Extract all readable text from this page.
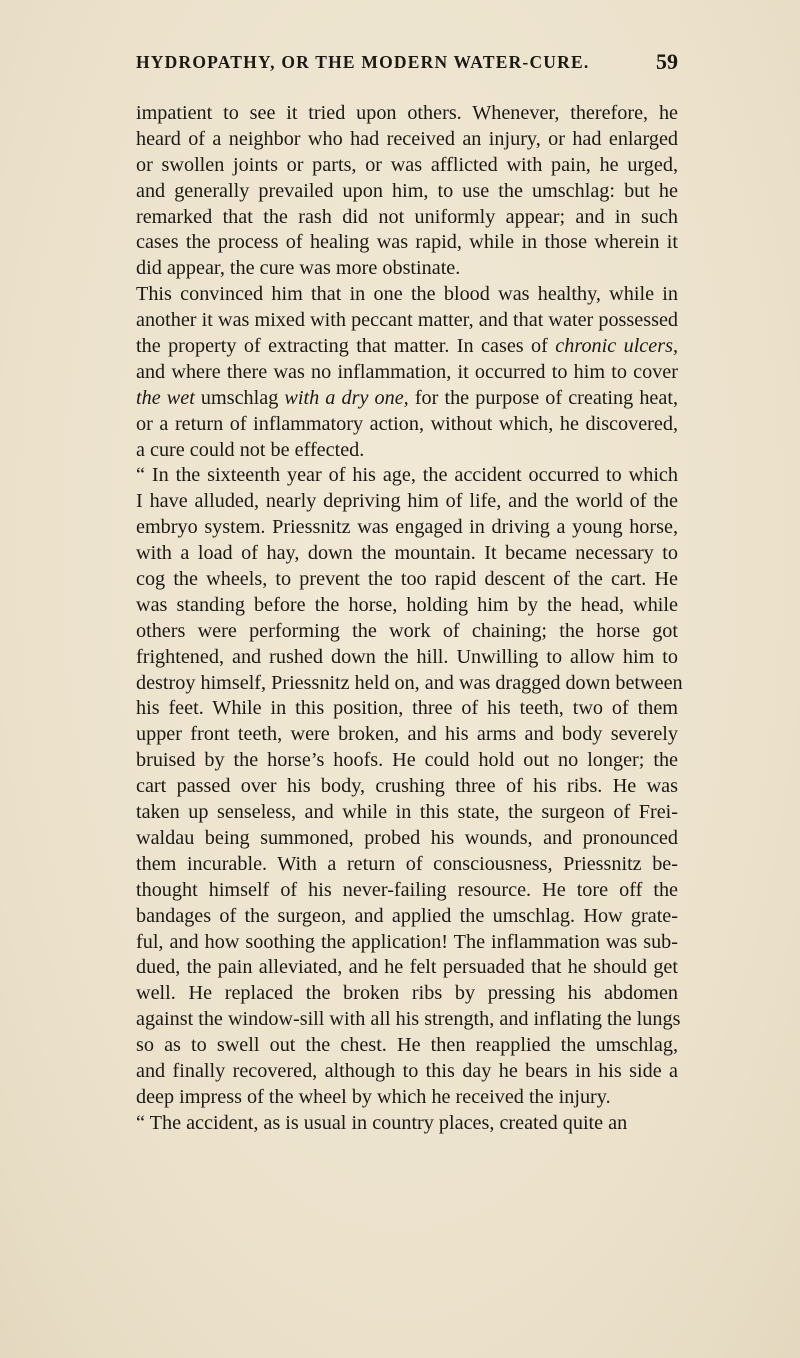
HYDROPATHY, OR THE MODERN WATER-CURE.	59
impatient to see it tried upon others. Whenever, therefore, he
heard of a neighbor who had received an injury, or had enlarged
or swollen joints or parts, or was afflicted with pain, he urged,
and generally prevailed upon him, to use the umschlag: but he
remarked that the rash did not uniformly appear; and in such
cases the process of healing was rapid, while in those wherein it
did appear, the cure was more obstinate.
This convinced him that in one the blood was healthy, while in
another it was mixed with peccant matter, and that water possessed
the property of extracting that matter. In cases of chronic ulcers,
and where there was no inflammation, it occurred to him to cover
the wet umschlag with a dry one, for the purpose of creating heat,
or a return of inflammatory action, without which, he discovered,
a cure could not be effected.
“ In the sixteenth year of his age, the accident occurred to which
I have alluded, nearly depriving him of life, and the world of the
embryo system. Priessnitz was engaged in driving a young horse,
with a load of hay, down the mountain. It became necessary to
cog the wheels, to prevent the too rapid descent of the cart. He
was standing before the horse, holding him by the head, while
others were performing the work of chaining; the horse got
frightened, and rushed down the hill. Unwilling to allow him to
destroy himself, Priessnitz held on, and was dragged down between
his feet. While in this position, three of his teeth, two of them
upper front teeth, were broken, and his arms and body severely
bruised by the horse’s hoofs. He could hold out no longer; the
cart passed over his body, crushing three of his ribs. He was
taken up senseless, and while in this state, the surgeon of Frei-
waldau being summoned, probed his wounds, and pronounced
them incurable. With a return of consciousness, Priessnitz be-
thought himself of his never-failing resource. He tore off the
bandages of the surgeon, and applied the umschlag. How grate-
ful, and how soothing the application! The inflammation was sub-
dued, the pain alleviated, and he felt persuaded that he should get
well. He replaced the broken ribs by pressing his abdomen
against the window-sill with all his strength, and inflating the lungs
so as to swell out the chest. He then reapplied the umschlag,
and finally recovered, although to this day he bears in his side a
deep impress of the wheel by which he received the injury.
“ The accident, as is usual in country places, created quite an
